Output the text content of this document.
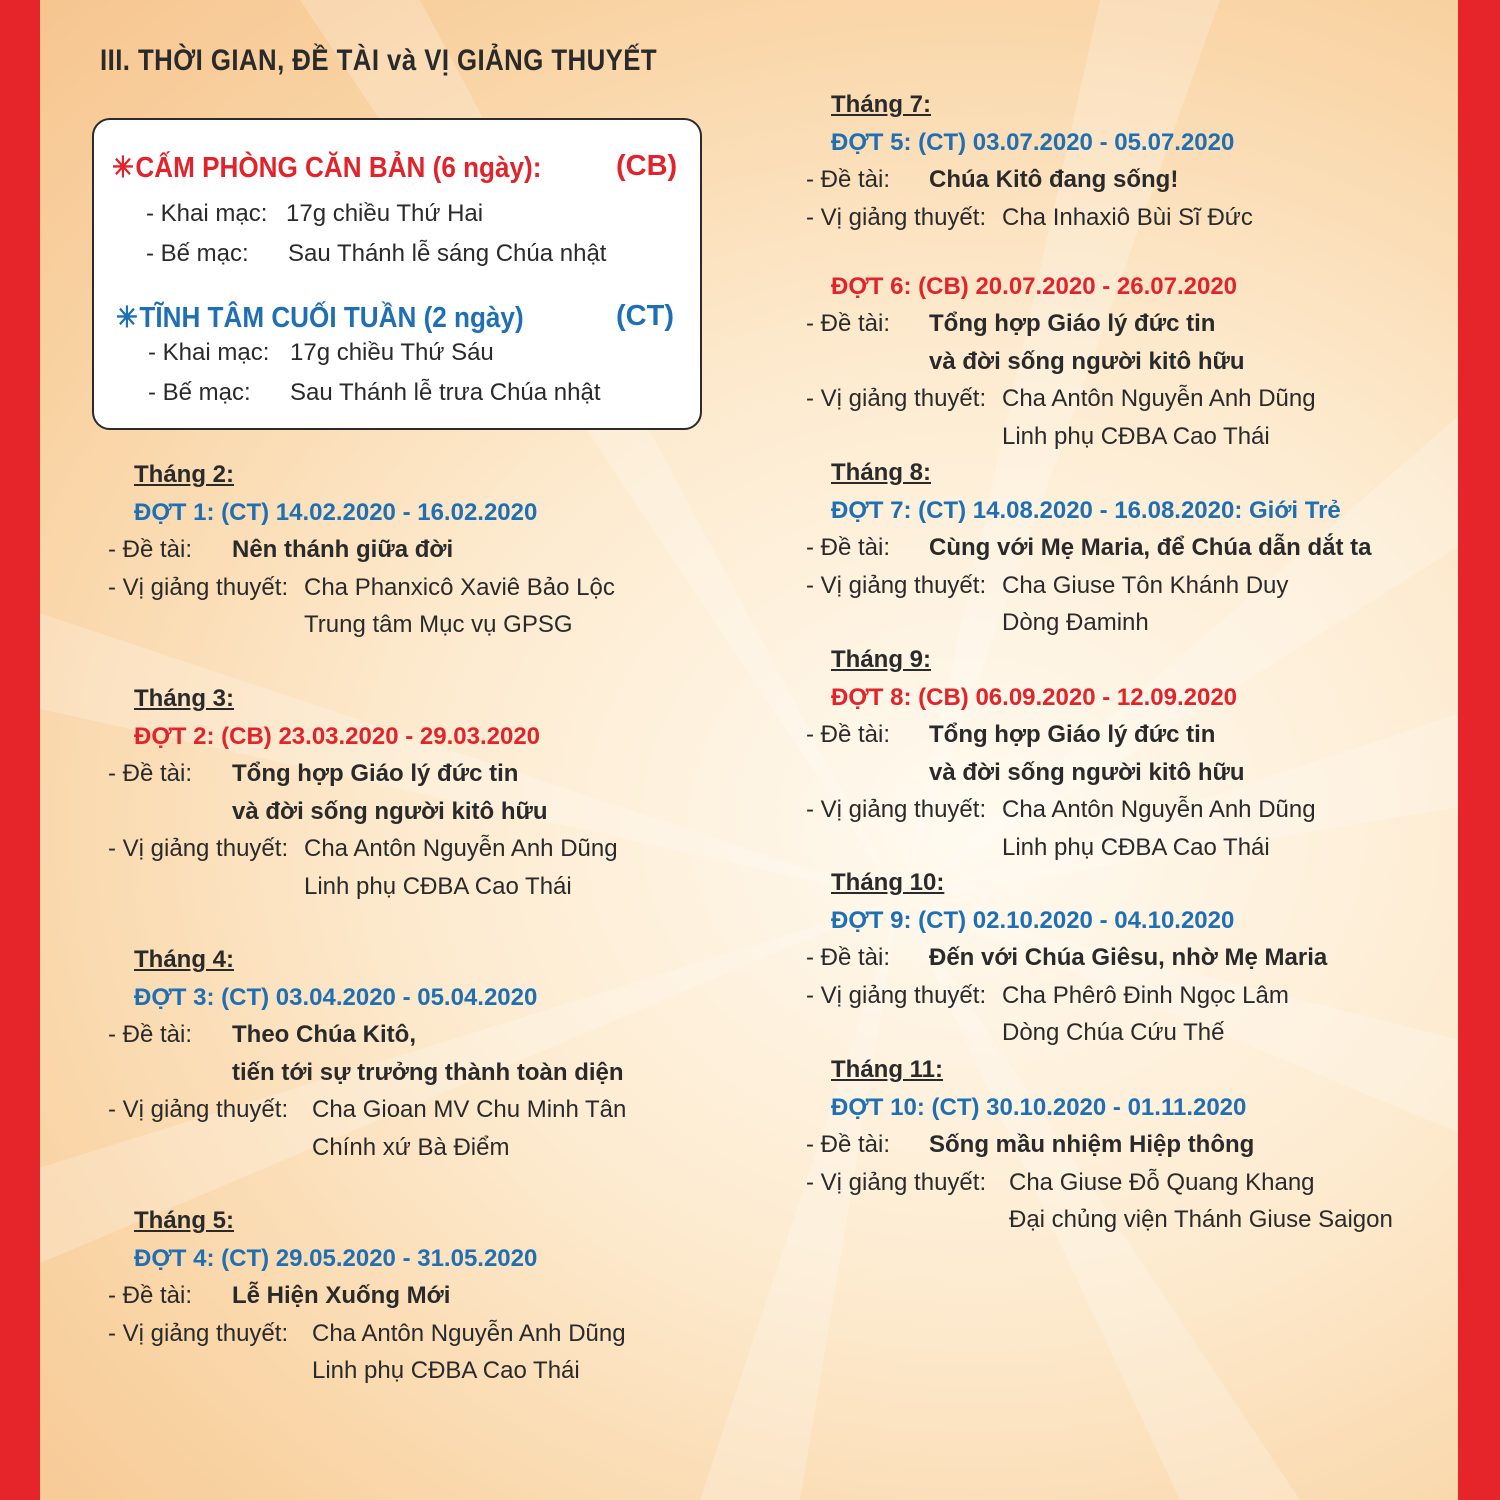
III. THỜI GIAN, ĐỀ TÀI và VỊ GIẢNG THUYẾT
✳CẤM PHÒNG CĂN BẢN (6 ngày):	(CB)
- Khai mạc: 17g chiều Thứ Hai
- Bế mạc: Sau Thánh lễ sáng Chúa nhật
✳TĨNH TÂM CUỐI TUẦN (2 ngày)	(CT)
- Khai mạc: 17g chiều Thứ Sáu
- Bế mạc: Sau Thánh lễ trưa Chúa nhật
Tháng 2:
ĐỢT 1: (CT) 14.02.2020 - 16.02.2020
- Đề tài: Nên thánh giữa đời
- Vị giảng thuyết: Cha Phanxicô Xaviê Bảo Lộc
Trung tâm Mục vụ GPSG
Tháng 3:
ĐỢT 2: (CB) 23.03.2020 - 29.03.2020
- Đề tài: Tổng hợp Giáo lý đức tin
và đời sống người kitô hữu
- Vị giảng thuyết: Cha Antôn Nguyễn Anh Dũng
Linh phụ CĐBA Cao Thái
Tháng 4:
ĐỢT 3: (CT) 03.04.2020 - 05.04.2020
- Đề tài: Theo Chúa Kitô,
tiến tới sự trưởng thành toàn diện
- Vị giảng thuyết: Cha Gioan MV Chu Minh Tân
Chính xứ Bà Điểm
Tháng 5:
ĐỢT 4: (CT) 29.05.2020 - 31.05.2020
- Đề tài: Lễ Hiện Xuống Mới
- Vị giảng thuyết: Cha Antôn Nguyễn Anh Dũng
Linh phụ CĐBA Cao Thái
Tháng 7:
ĐỢT 5: (CT) 03.07.2020 - 05.07.2020
- Đề tài: Chúa Kitô đang sống!
- Vị giảng thuyết: Cha Inhaxiô Bùi Sĩ Đức
ĐỢT 6: (CB) 20.07.2020 - 26.07.2020
- Đề tài: Tổng hợp Giáo lý đức tin
và đời sống người kitô hữu
- Vị giảng thuyết: Cha Antôn Nguyễn Anh Dũng
Linh phụ CĐBA Cao Thái
Tháng 8:
ĐỢT 7: (CT) 14.08.2020 - 16.08.2020: Giới Trẻ
- Đề tài: Cùng với Mẹ Maria, để Chúa dẫn dắt ta
- Vị giảng thuyết: Cha Giuse Tôn Khánh Duy
Dòng Đaminh
Tháng 9:
ĐỢT 8: (CB) 06.09.2020 - 12.09.2020
- Đề tài: Tổng hợp Giáo lý đức tin
và đời sống người kitô hữu
- Vị giảng thuyết: Cha Antôn Nguyễn Anh Dũng
Linh phụ CĐBA Cao Thái
Tháng 10:
ĐỢT 9: (CT) 02.10.2020 - 04.10.2020
- Đề tài: Đến với Chúa Giêsu, nhờ Mẹ Maria
- Vị giảng thuyết: Cha Phêrô Đinh Ngọc Lâm
Dòng Chúa Cứu Thế
Tháng 11:
ĐỢT 10: (CT) 30.10.2020 - 01.11.2020
- Đề tài: Sống mầu nhiệm Hiệp thông
- Vị giảng thuyết: Cha Giuse Đỗ Quang Khang
Đại chủng viện Thánh Giuse Saigon
